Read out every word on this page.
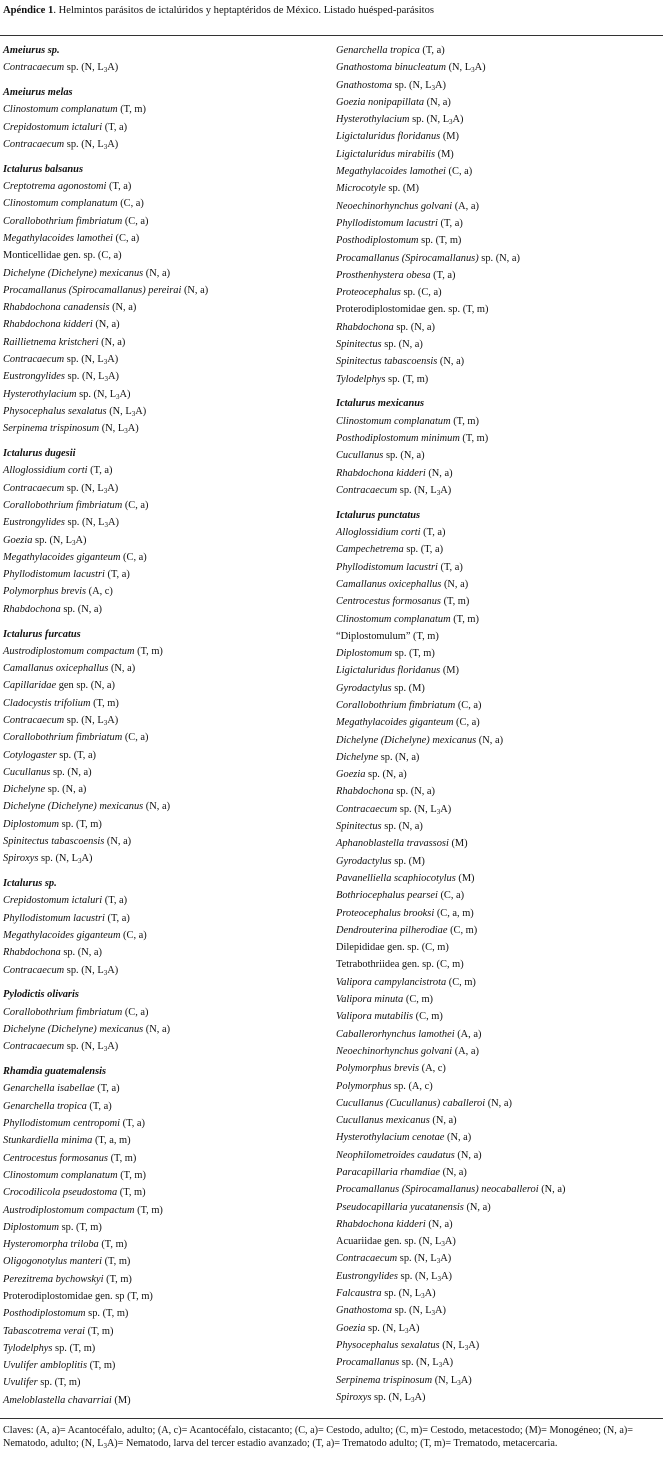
Apéndice 1. Helmintos parásitos de ictalúridos y heptaptéridos de México. Listado huésped-parásitos
Ameiurus sp.
Contracaecum sp. (N, $L_3A$)
Ameiurus melas
Clinostomum complanatum (T, m)
Crepidostomum ictaluri (T, a)
Contracaecum sp. (N, $L_3A$)
Ictalurus balsanus
Creptotrema agonostomi (T, a)
Clinostomum complanatum (C, a)
Corallobothrium fimbriatum (C, a)
Megathylacoides lamothei (C, a)
Monticellidae gen. sp. (C, a)
Dichelyne (Dichelyne) mexicanus (N, a)
Procamallanus (Spirocamallanus) pereirai (N, a)
Rhabdochona canadensis (N, a)
Rhabdochona kidderi (N, a)
Raillietnema kristcheri (N, a)
Contracaecum sp. (N, $L_3A$)
Eustrongylides sp. (N, $L_3A$)
Hysterothylacium sp. (N, $L_3A$)
Physocephalus sexalatus (N, $L_3A$)
Serpinema trispinosum (N, $L_3A$)
Ictalurus dugesii
Alloglossidium corti (T, a)
Contracaecum sp. (N, $L_3A$)
Corallobothrium fimbriatum (C, a)
Eustrongylides sp. (N, $L_3A$)
Goezia sp. (N, $L_3A$)
Megathylacoides giganteum (C, a)
Phyllodistomum lacustri (T, a)
Polymorphus brevis (A, c)
Rhabdochona sp. (N, a)
Ictalurus furcatus
Austrodiplostomum compactum (T, m)
Camallanus oxicephallus (N, a)
Capillaridae gen sp. (N, a)
Cladocystis trifolium (T, m)
Contracaecum sp. (N, $L_3A$)
Corallobothrium fimbriatum (C, a)
Cotylogaster sp. (T, a)
Cucullanus sp. (N, a)
Dichelyne sp. (N, a)
Dichelyne (Dichelyne) mexicanus (N, a)
Diplostomum sp. (T, m)
Spinitectus tabascoensis (N, a)
Spiroxys sp. (N, $L_3A$)
Ictalurus sp.
Crepidostomum ictaluri (T, a)
Phyllodistomum lacustri (T, a)
Megathylacoides giganteum (C, a)
Rhabdochona sp. (N, a)
Contracaecum sp. (N, $L_3A$)
Pylodictis olivaris
Corallobothrium fimbriatum (C, a)
Dichelyne (Dichelyne) mexicanus (N, a)
Contracaecum sp. (N, $L_3A$)
Rhamdia guatemalensis
Genarchella isabellae (T, a)
Genarchella tropica (T, a)
Phyllodistomum centropomi (T, a)
Stunkardiella minima (T, a, m)
Centrocestus formosanus (T, m)
Clinostomum complanatum (T, m)
Crocodilicola pseudostoma (T, m)
Austrodiplostomum compactum (T, m)
Diplostomum sp. (T, m)
Hysteromorpha triloba (T, m)
Oligogonotylus manteri (T, m)
Perezitrema bychowskyi (T, m)
Proterodiplostomidae gen. sp (T, m)
Posthodiplostomum sp. (T, m)
Tabascotrema verai (T, m)
Tylodelphys sp. (T, m)
Uvulifer ambloplitis (T, m)
Uvulifer sp. (T, m)
Ameloblastella chavarriai (M)
Genarchella tropica (T, a)
Gnathostoma binucleatum (N, $L_3A$)
Gnathostoma sp. (N, $L_3A$)
Goezia nonipapillata (N, a)
Hysterothylacium sp. (N, $L_3A$)
Ligictaluridus floridanus (M)
Ligictaluridus mirabilis (M)
Megathylacoides lamothei (C, a)
Microcotyle sp. (M)
Neoechinorhynchus golvani (A, a)
Phyllodistomum lacustri (T, a)
Posthodiplostomum sp. (T, m)
Procamallanus (Spirocamallanus) sp. (N, a)
Prosthenhystera obesa (T, a)
Proteocephalus sp. (C, a)
Proterodiplostomidae gen. sp. (T, m)
Rhabdochona sp. (N, a)
Spinitectus sp. (N, a)
Spinitectus tabascoensis (N, a)
Tylodelphys sp. (T, m)
Ictalurus mexicanus
Clinostomum complanatum (T, m)
Posthodiplostomum minimum (T, m)
Cucullanus sp. (N, a)
Rhabdochona kidderi (N, a)
Contracaecum sp. (N, $L_3A$)
Ictalurus punctatus
Alloglossidium corti (T, a)
Campechetrema sp. (T, a)
Phyllodistomum lacustri (T, a)
Camallanus oxicephallus (N, a)
Centrocestus formosanus (T, m)
Clinostomum complanatum (T, m)
“Diplostomulum” (T, m)
Diplostomum sp. (T, m)
Ligictaluridus floridanus (M)
Gyrodactylus sp. (M)
Corallobothrium fimbriatum (C, a)
Megathylacoides giganteum (C, a)
Dichelyne (Dichelyne) mexicanus (N, a)
Dichelyne sp. (N, a)
Goezia sp. (N, a)
Rhabdochona sp. (N, a)
Contracaecum sp. (N, $L_3A$)
Spinitectus sp. (N, a)
Aphanoblastella travassosi (M)
Gyrodactylus sp. (M)
Pavanelliella scaphiocotylus (M)
Bothriocephalus pearsei (C, a)
Proteocephalus brooksi (C, a, m)
Dendrouterina pilherodiae (C, m)
Dilepididae gen. sp. (C, m)
Tetrabothriidea gen. sp. (C, m)
Valipora campylancistrota (C, m)
Valipora minuta (C, m)
Valipora mutabilis (C, m)
Caballerorhynchus lamothei (A, a)
Neoechinorhynchus golvani (A, a)
Polymorphus brevis (A, c)
Polymorphus sp. (A, c)
Cucullanus (Cucullanus) caballeroi (N, a)
Cucullanus mexicanus (N, a)
Hysterothylacium cenotae (N, a)
Neophilometroides caudatus (N, a)
Paracapillaria rhamdiae (N, a)
Procamallanus (Spirocamallanus) neocaballeroi (N, a)
Pseudocapillaria yucatanensis (N, a)
Rhabdochona kidderi (N, a)
Acuariidae gen. sp. (N, $L_3A$)
Contracaecum sp. (N, $L_3A$)
Eustrongylides sp. (N, $L_3A$)
Falcaustra sp. (N, $L_3A$)
Gnathostoma sp. (N, $L_3A$)
Goezia sp. (N, $L_3A$)
Physocephalus sexalatus (N, $L_3A$)
Procamallanus sp. (N, $L_3A$)
Serpinema trispinosum (N, $L_3A$)
Spiroxys sp. (N, $L_3A$)
Claves: (A, a)= Acantocéfalo, adulto; (A, c)= Acantocéfalo, cistacanto; (C, a)= Cestodo, adulto; (C, m)= Cestodo, metacestodo; (M)= Monogéneo; (N, a)= Nematodo, adulto; (N, $L_3A)=$ Nematodo, larva del tercer estadio avanzado; (T, a)= Trematodo adulto; (T, m)= Trematodo, metacercaria.
